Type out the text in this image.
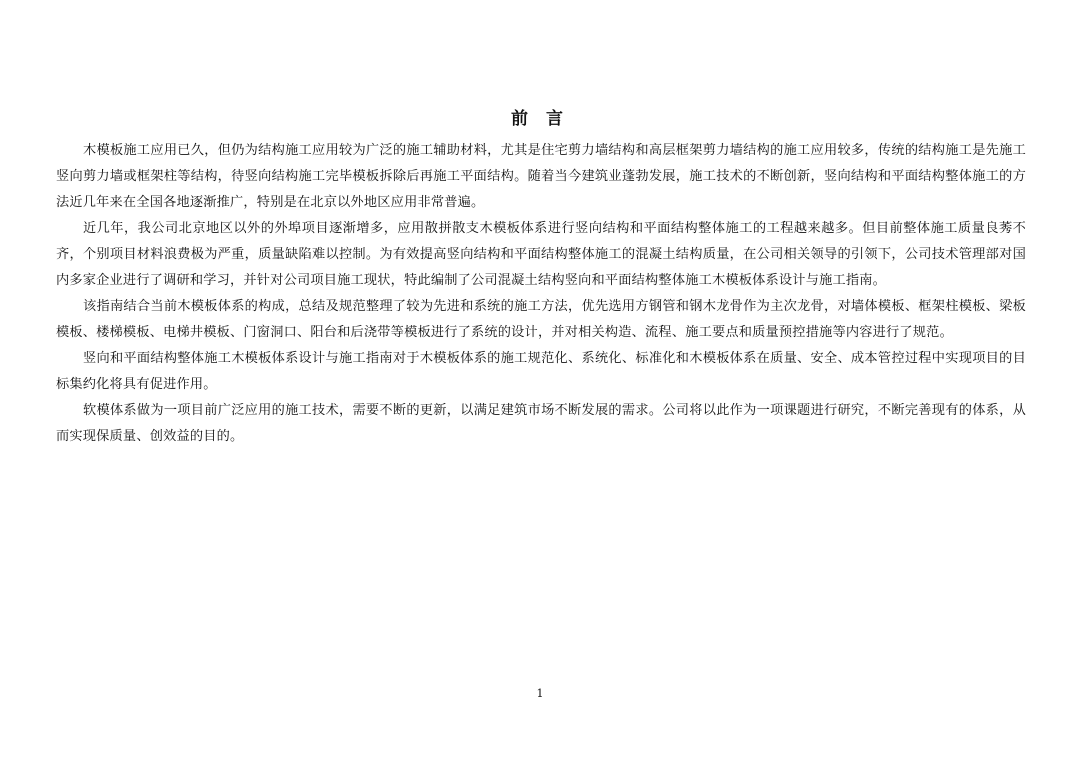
前 言

木模板施工应用已久，但仍为结构施工应用较为广泛的施工辅助材料，尤其是住宅剪力墙结构和高层框架剪力墙结构的施工应用较多，传统的结构施工是先施工竖向剪力墙或框架柱等结构，待竖向结构施工完毕模板拆除后再施工平面结构。随着当今建筑业蓬勃发展，施工技术的不断创新，竖向结构和平面结构整体施工的方法近几年来在全国各地逐渐推广，特别是在北京以外地区应用非常普遍。

近几年，我公司北京地区以外的外埠项目逐渐增多，应用散拼散支木模板体系进行竖向结构和平面结构整体施工的工程越来越多。但目前整体施工质量良莠不齐，个别项目材料浪费极为严重，质量缺陷难以控制。为有效提高竖向结构和平面结构整体施工的混凝土结构质量，在公司相关领导的引领下，公司技术管理部对国内多家企业进行了调研和学习，并针对公司项目施工现状，特此编制了公司混凝土结构竖向和平面结构整体施工木模板体系设计与施工指南。

该指南结合当前木模板体系的构成，总结及规范整理了较为先进和系统的施工方法，优先选用方钢管和钢木龙骨作为主次龙骨，对墙体模板、框架柱模板、梁板模板、楼梯模板、电梯井模板、门窗洞口、阳台和后浇带等模板进行了系统的设计，并对相关构造、流程、施工要点和质量预控措施等内容进行了规范。

竖向和平面结构整体施工木模板体系设计与施工指南对于木模板体系的施工规范化、系统化、标准化和木模板体系在质量、安全、成本管控过程中实现项目的目标集约化将具有促进作用。

软模体系做为一项目前广泛应用的施工技术，需要不断的更新，以满足建筑市场不断发展的需求。公司将以此作为一项课题进行研究，不断完善现有的体系，从而实现保质量、创效益的目的。

1
